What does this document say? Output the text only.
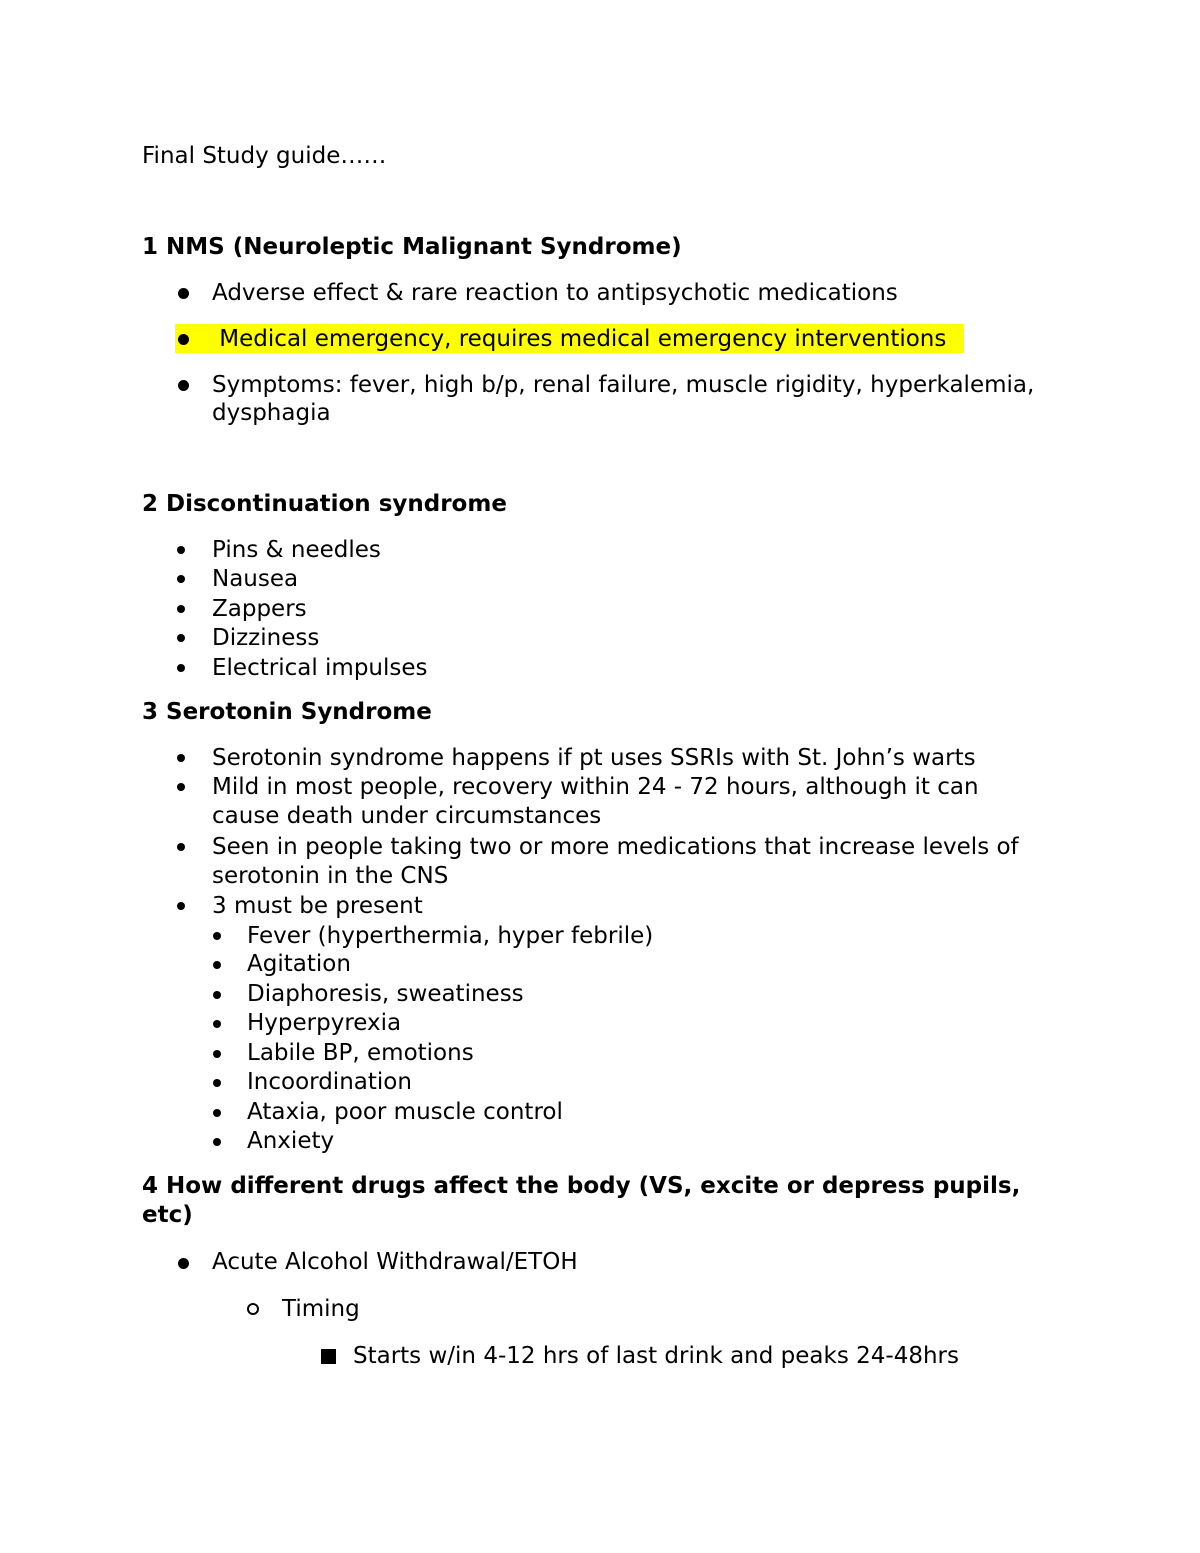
Final Study guide……
1 NMS (Neuroleptic Malignant Syndrome)
Adverse effect & rare reaction to antipsychotic medications
Medical emergency, requires medical emergency interventions
Symptoms: fever, high b/p, renal failure, muscle rigidity, hyperkalemia,
dysphagia
2 Discontinuation syndrome
Pins & needles
Nausea
Zappers
Dizziness
Electrical impulses
3 Serotonin Syndrome
Serotonin syndrome happens if pt uses SSRIs with St. John’s warts
Mild in most people, recovery within 24 - 72 hours, although it can
cause death under circumstances
Seen in people taking two or more medications that increase levels of
serotonin in the CNS
3 must be present
Fever (hyperthermia, hyper febrile)
Agitation
Diaphoresis, sweatiness
Hyperpyrexia
Labile BP, emotions
Incoordination
Ataxia, poor muscle control
Anxiety
4 How different drugs affect the body (VS, excite or depress pupils,
etc)
Acute Alcohol Withdrawal/ETOH
Timing
Starts w/in 4-12 hrs of last drink and peaks 24-48hrs
